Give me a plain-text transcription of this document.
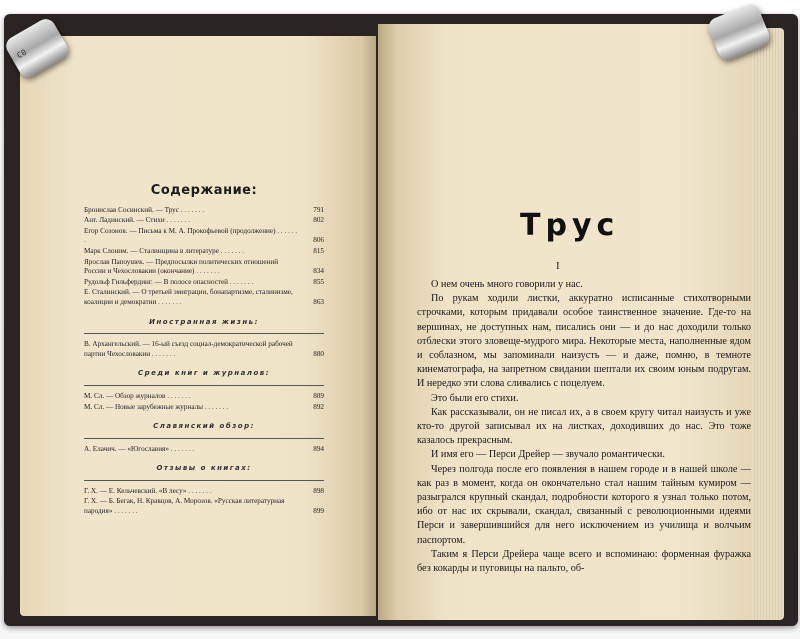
C0
Содержание:
Бронислав Сосинский. — Трус . . . . . . .	791
Ант. Ладинский. — Стихи . . . . . . .	802
Егор Созонов. — Письма к М. А. Прокофьевой (продолжение) . . . . . . .	806
Марк Слоним. — Сталинщина в литературе . . . . . . .	815
Ярослав Папоушек. — Предпосылки политических отношений России и Чехословакии (окончание) . . . . . . .	834
Рудольф Гильфердинг. — В полосе опасностей . . . . . . .	855
Е. Сталинский. — О третьей эмиграции, бонапартизме, сталинизме, коалиции и демократии . . . . . . .	863
Иностранная жизнь:
В. Архангельский. — 16-ый съезд социал-демократической рабочей партии Чехословакии . . . . . . .	880
Среди книг и журналов:
М. Сл. — Обзор журналов . . . . . . .	889
М. Сл. — Новые зарубежные журналы . . . . . . .	892
Славянский обзор:
А. Елачич. — «Югославия» . . . . . . .	894
Отзывы о книгах:
Г. Х. — Е. Кельчевский. «В лесу» . . . . . . .	898
Г. Х. — Б. Бегак, Н. Кравцов, А. Морозов. «Русская литературная пародия» . . . . . . .	899
Трус
I

О нем очень много говорили у нас.

По рукам ходили листки, аккуратно исписанные стихотворными строчками, которым придавали особое таинственное значение. Где-то на вершинах, не доступных нам, писались они — и до нас доходили только отблески этого зловеще-мудрого мира. Некоторые места, наполненные ядом и соблазном, мы запоминали наизусть — и даже, помню, в темноте кинематографа, на запретном свидании шептали их своим юным подругам. И нередко эти слова сливались с поцелуем.

Это были его стихи.

Как рассказывали, он не писал их, а в своем кругу читал наизусть и уже кто-то другой записывал их на листках, доходивших до нас. Это тоже казалось прекрасным.

И имя его — Перси Дрейер — звучало романтически.

Через полгода после его появления в нашем городе и в нашей школе — как раз в момент, когда он окончательно стал нашим тайным кумиром — разыгрался крупный скандал, подробности которого я узнал только потом, ибо от нас их скрывали, скандал, связанный с революционными идеями Перси и завершившийся для него исключением из училища и волчьим паспортом.

Таким я Перси Дрейера чаще всего и вспоминаю: форменная фуражка без кокарды и пуговицы на пальто, об-
